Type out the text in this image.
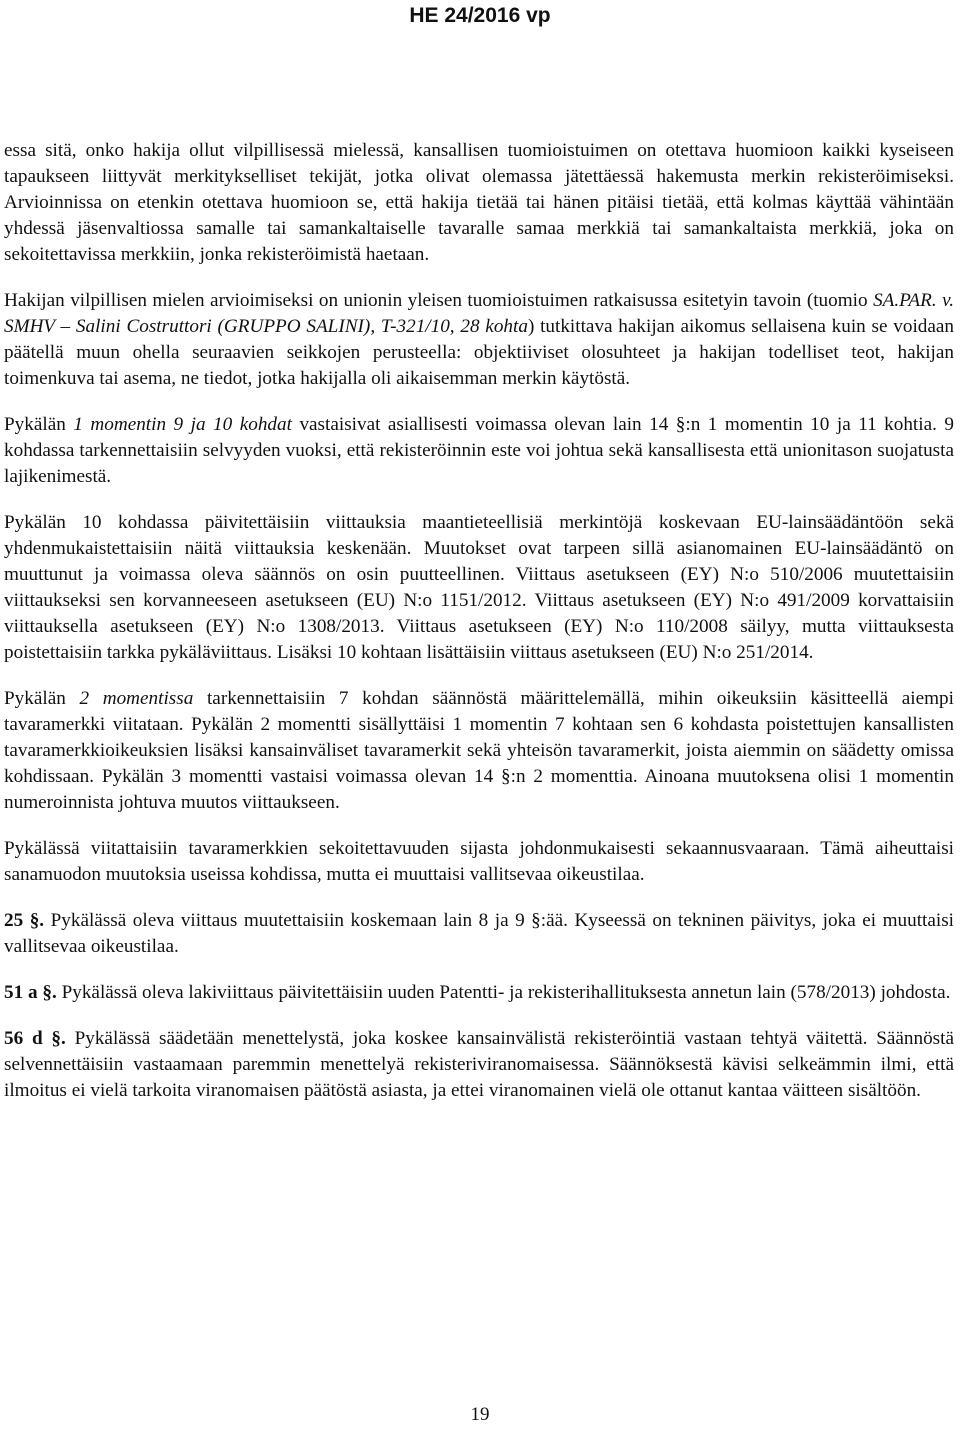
HE 24/2016 vp

essa sitä, onko hakija ollut vilpillisessä mielessä, kansallisen tuomioistuimen on otettava huomioon kaikki kyseiseen tapaukseen liittyvät merkitykselliset tekijät, jotka olivat olemassa jätettäessä hakemusta merkin rekisteröimiseksi. Arvioinnissa on etenkin otettava huomioon se, että hakija tietää tai hänen pitäisi tietää, että kolmas käyttää vähintään yhdessä jäsenvaltiossa samalle tai samankaltaiselle tavaralle samaa merkkiä tai samankaltaista merkkiä, joka on sekoitettavissa merkkiin, jonka rekisteröimistä haetaan.

Hakijan vilpillisen mielen arvioimiseksi on unionin yleisen tuomioistuimen ratkaisussa esitetyin tavoin (tuomio SA.PAR. v. SMHV – Salini Costruttori (GRUPPO SALINI), T-321/10, 28 kohta) tutkittava hakijan aikomus sellaisena kuin se voidaan päätellä muun ohella seuraavien seikkojen perusteella: objektiiviset olosuhteet ja hakijan todelliset teot, hakijan toimenkuva tai asema, ne tiedot, jotka hakijalla oli aikaisemman merkin käytöstä.

Pykälän 1 momentin 9 ja 10 kohdat vastaisivat asiallisesti voimassa olevan lain 14 §:n 1 momentin 10 ja 11 kohtia. 9 kohdassa tarkennettaisiin selvyyden vuoksi, että rekisteröinnin este voi johtua sekä kansallisesta että unionitason suojatusta lajikenimestä.

Pykälän 10 kohdassa päivitettäisiin viittauksia maantieteellisiä merkintöjä koskevaan EU-lainsäädäntöön sekä yhdenmukaistettaisiin näitä viittauksia keskenään. Muutokset ovat tarpeen sillä asianomainen EU-lainsäädäntö on muuttunut ja voimassa oleva säännös on osin puutteellinen. Viittaus asetukseen (EY) N:o 510/2006 muutettaisiin viittaukseksi sen korvanneeseen asetukseen (EU) N:o 1151/2012. Viittaus asetukseen (EY) N:o 491/2009 korvattaisiin viittauksella asetukseen (EY) N:o 1308/2013. Viittaus asetukseen (EY) N:o 110/2008 säilyy, mutta viittauksesta poistettaisiin tarkka pykäläviittaus. Lisäksi 10 kohtaan lisättäisiin viittaus asetukseen (EU) N:o 251/2014.

Pykälän 2 momentissa tarkennettaisiin 7 kohdan säännöstä määrittelemällä, mihin oikeuksiin käsitteellä aiempi tavaramerkki viitataan. Pykälän 2 momentti sisällyttäisi 1 momentin 7 kohtaan sen 6 kohdasta poistettujen kansallisten tavaramerkkioikeuksien lisäksi kansainväliset tavaramerkit sekä yhteisön tavaramerkit, joista aiemmin on säädetty omissa kohdissaan. Pykälän 3 momentti vastaisi voimassa olevan 14 §:n 2 momenttia. Ainoana muutoksena olisi 1 momentin numeroinnista johtuva muutos viittaukseen.

Pykälässä viitattaisiin tavaramerkkien sekoitettavuuden sijasta johdonmukaisesti sekaannusvaaraan. Tämä aiheuttaisi sanamuodon muutoksia useissa kohdissa, mutta ei muuttaisi vallitsevaa oikeustilaa.

25 §. Pykälässä oleva viittaus muutettaisiin koskemaan lain 8 ja 9 §:ää. Kyseessä on tekninen päivitys, joka ei muuttaisi vallitsevaa oikeustilaa.

51 a §. Pykälässä oleva lakiviittaus päivitettäisiin uuden Patentti- ja rekisterihallituksesta annetun lain (578/2013) johdosta.

56 d §. Pykälässä säädetään menettelystä, joka koskee kansainvälistä rekisteröintiä vastaan tehtyä väitettä. Säännöstä selvennettäisiin vastaamaan paremmin menettelyä rekisteriviranomaisessa. Säännöksestä kävisi selkeämmin ilmi, että ilmoitus ei vielä tarkoita viranomaisen päätöstä asiasta, ja ettei viranomainen vielä ole ottanut kantaa väitteen sisältöön.

19
